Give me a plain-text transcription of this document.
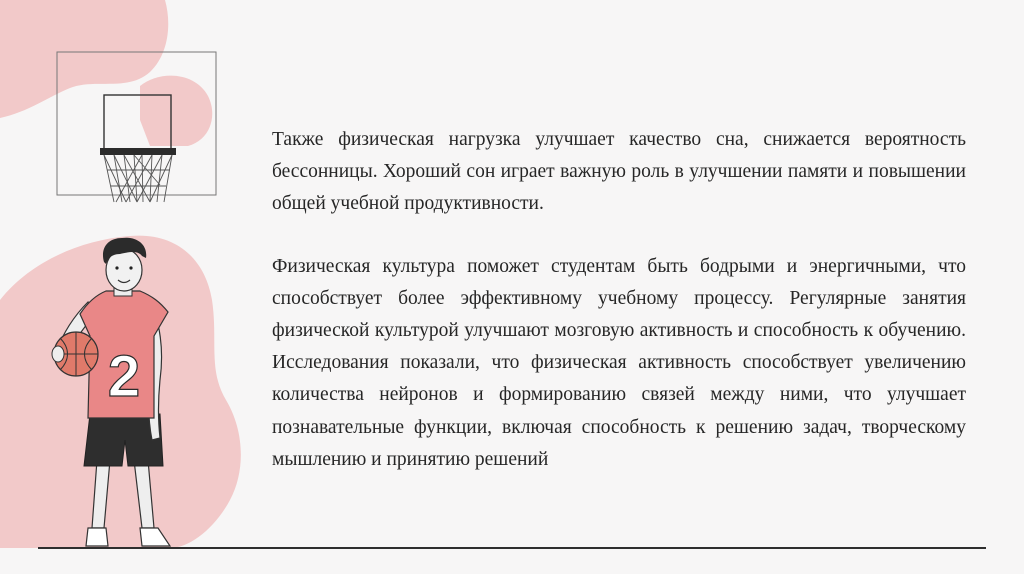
2

Также физическая нагрузка улучшает качество сна, снижается вероятность бессонницы. Хороший сон играет важную роль в улучшении памяти и повышении общей учебной продуктивности.

Физическая культура поможет студентам быть бодрыми и энергичными, что способствует более эффективному учебному процессу. Регулярные занятия физической культурой улучшают мозговую активность и способность к обучению. Исследования показали, что физическая активность способствует увеличению количества нейронов и формированию связей между ними, что улучшает познавательные функции, включая способность к решению задач, творческому мышлению и принятию решений
